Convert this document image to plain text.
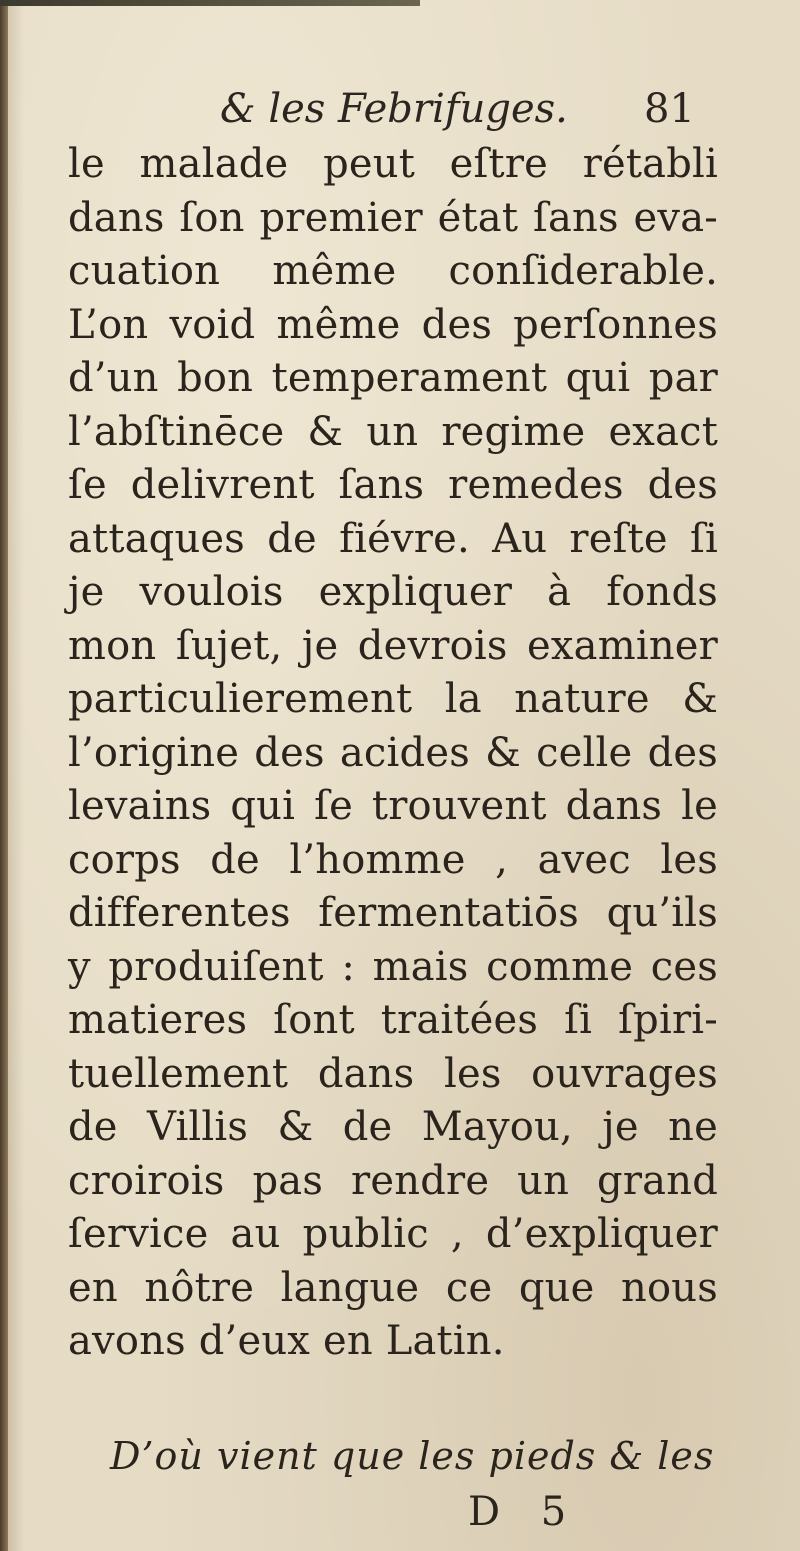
& les Febrifuges. 81
le malade peut eſtre rétabli
dans ſon premier état ſans eva-
cuation même conſiderable.
L’on void même des perſonnes
d’un bon temperament qui par
l’abſtinēce & un regime exact
ſe delivrent ſans remedes des
attaques de fiévre. Au reſte ſi
je voulois expliquer à fonds
mon ſujet, je devrois examiner
particulierement la nature &
l’origine des acides & celle des
levains qui ſe trouvent dans le
corps de l’homme , avec les
differentes fermentatiōs qu’ils
y produiſent : mais comme ces
matieres ſont traitées ſi ſpiri-
tuellement dans les ouvrages
de Villis & de Mayou, je ne
croirois pas rendre un grand
ſervice au public , d’expliquer
en nôtre langue ce que nous
avons d’eux en Latin.
D’où vient que les pieds & les
D 5
